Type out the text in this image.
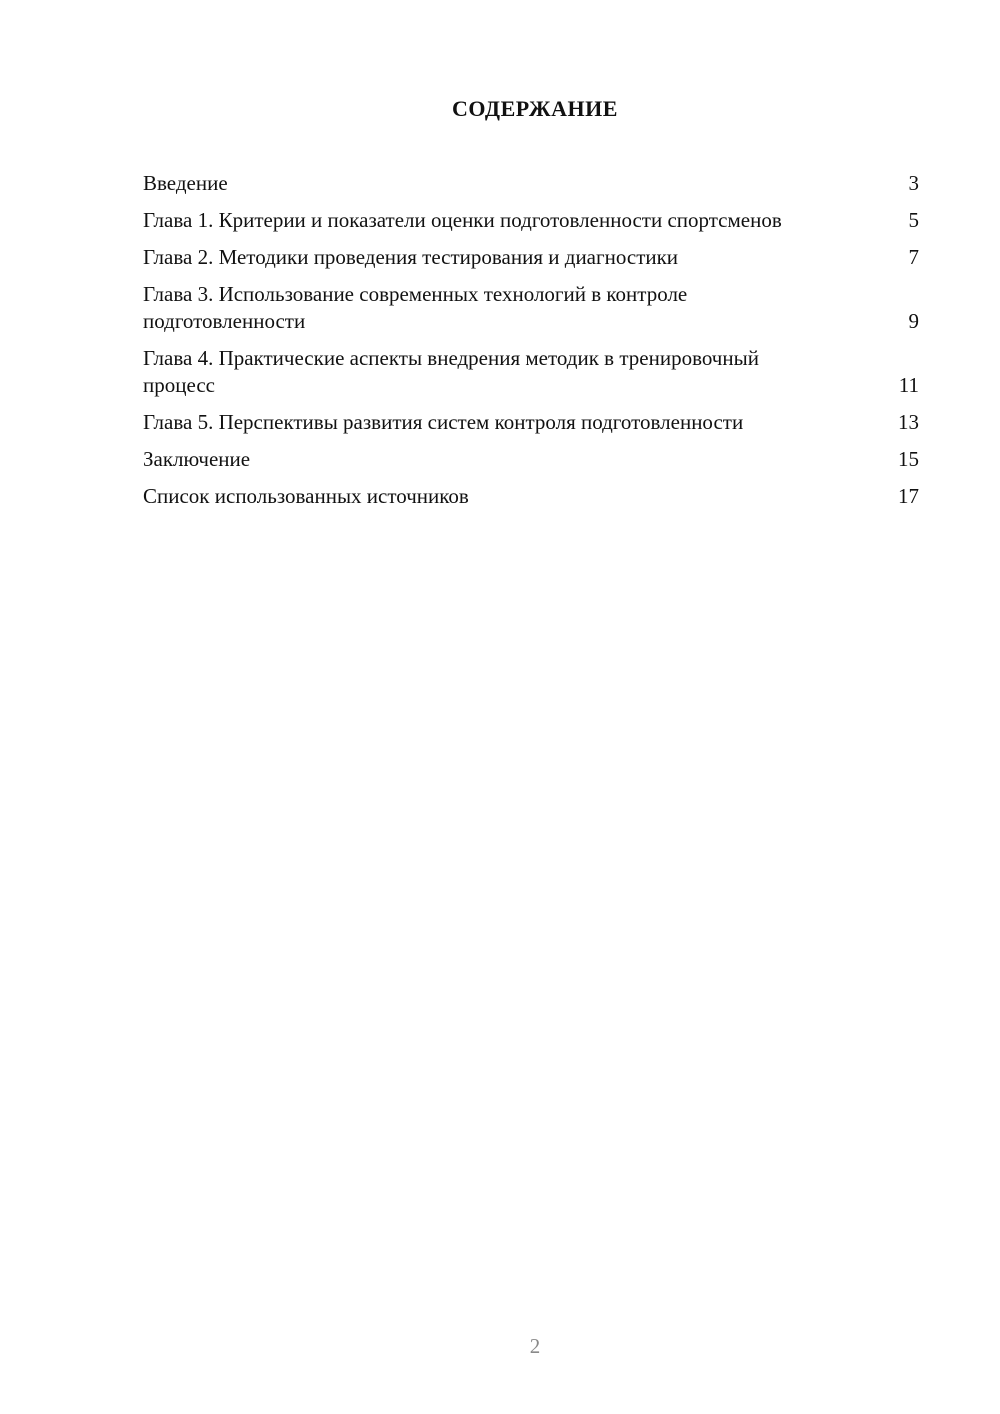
СОДЕРЖАНИЕ
Введение	3
Глава 1. Критерии и показатели оценки подготовленности спортсменов	5
Глава 2. Методики проведения тестирования и диагностики	7
Глава 3. Использование современных технологий в контроле подготовленности	9
Глава 4. Практические аспекты внедрения методик в тренировочный процесс	11
Глава 5. Перспективы развития систем контроля подготовленности	13
Заключение	15
Список использованных источников	17
2
